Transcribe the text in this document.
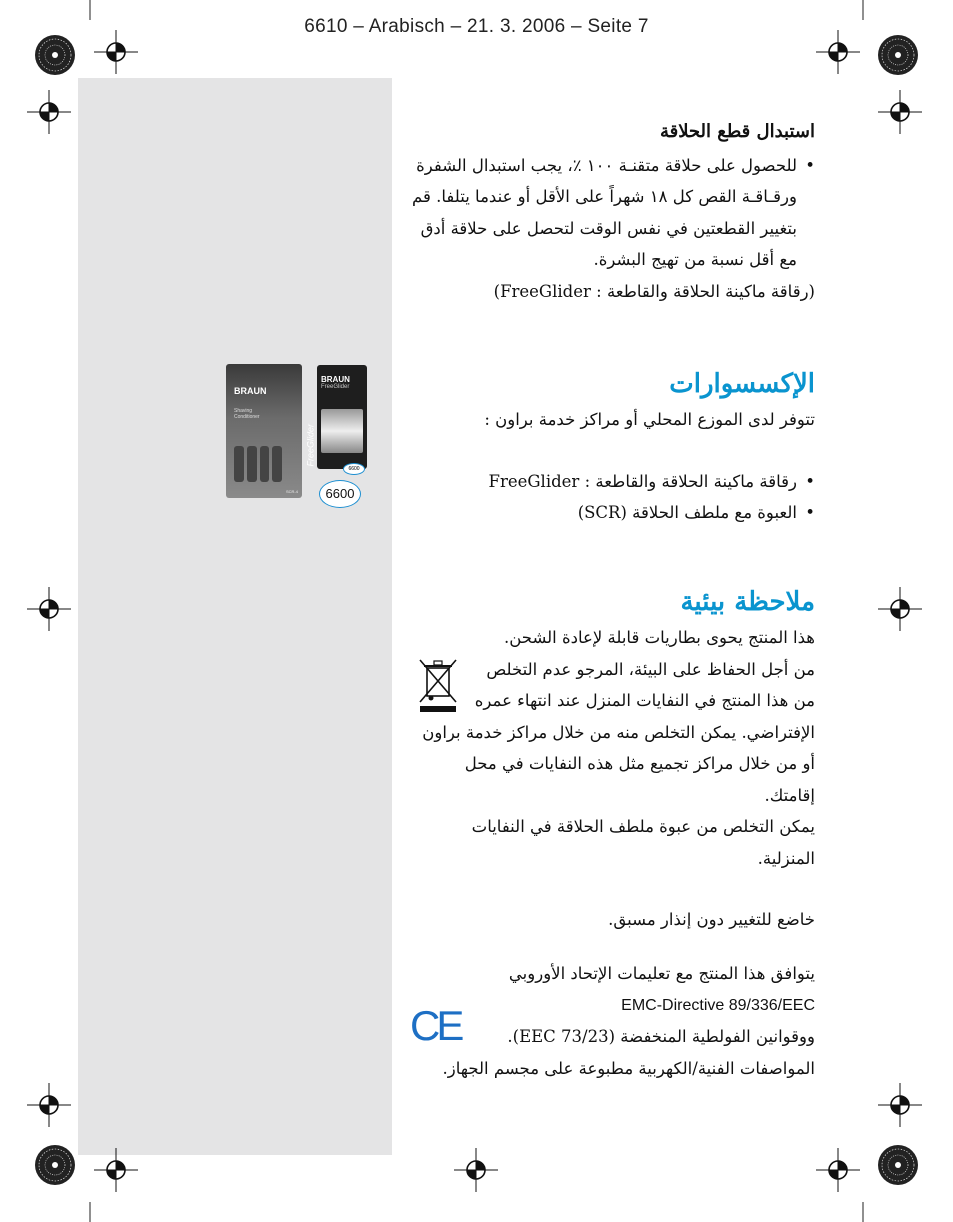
6610 – Arabisch – 21. 3. 2006 – Seite 7
استبدال قطع الحلاقة
• للحصول على حلاقة متقنـة ١٠٠ ٪، يجب استبدال الشفرة ورقـاقـة القص كل ١٨ شهراً على الأقل أو عندما يتلفا. قم بتغيير القطعتين في نفس الوقت لتحصل على حلاقة أدق مع أقل نسبة من تهيج البشرة.
(رقاقة ماكينة الحلاقة والقاطعة : FreeGlider)
BRAUN
Shaving
Conditioner
FreeGlider
SCR-4
BRAUN
FreeGlider
6600
6600
الإكسسوارات
تتوفر لدى الموزع المحلي أو مراكز خدمة براون :
• رقاقة ماكينة الحلاقة والقاطعة : FreeGlider
• العبوة مع ملطف الحلاقة (SCR)
ملاحظة بيئية
هذا المنتج يحوى بطاريات قابلة لإعادة الشحن.
من أجل الحفاظ على البيئة، المرجو عدم التخلص
من هذا المنتج في النفايات المنزل عند انتهاء عمره
الإفتراضي. يمكن التخلص منه من خلال مراكز خدمة براون
أو من خلال مراكز تجميع مثل هذه النفايات في محل
إقامتك.
يمكن التخلص من عبوة ملطف الحلاقة في النفايات المنزلية.
خاضع للتغيير دون إنذار مسبق.
يتوافق هذا المنتج مع تعليمات الإتحاد الأوروبي
EMC-Directive 89/336/EEC
ووقوانين الفولطية المنخفضة (73/23 EEC).
المواصفات الفنية/الكهربية مطبوعة على مجسم الجهاز.
CE
